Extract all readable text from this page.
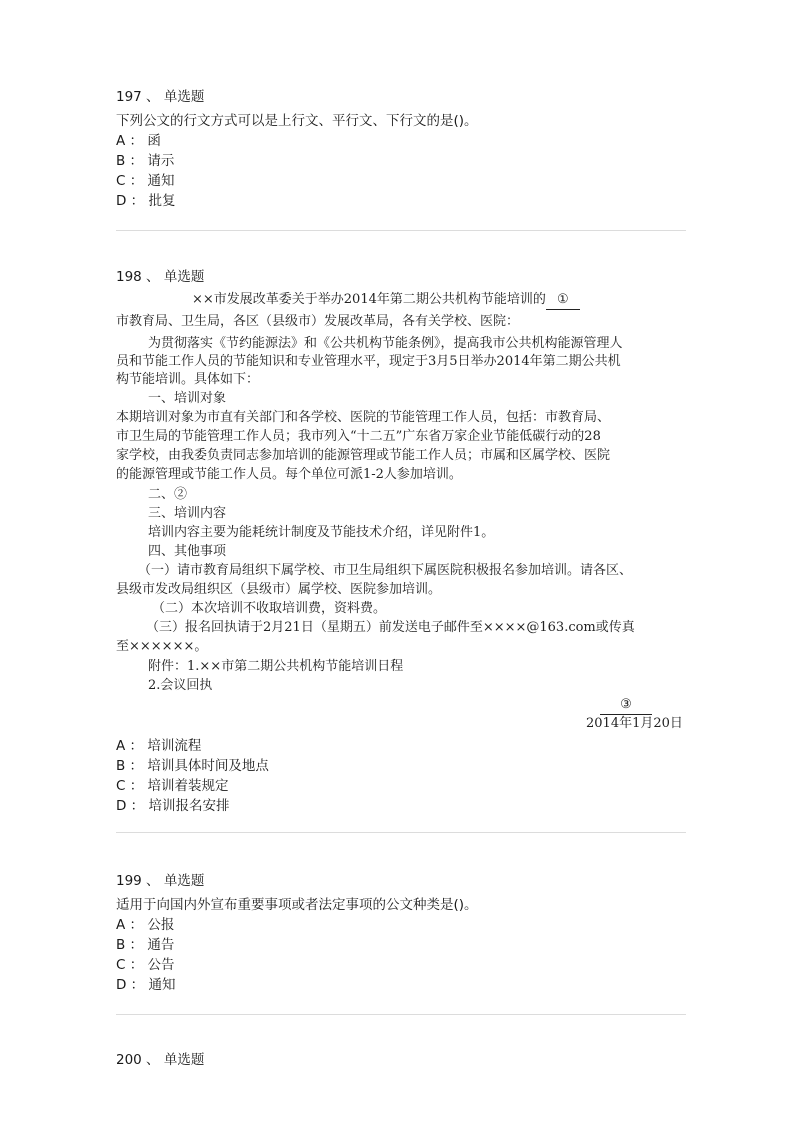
197 、 单选题
下列公文的行文方式可以是上行文、平行文、下行文的是()。
A ： 函
B ： 请示
C ： 通知
D ： 批复
198 、 单选题
××市发展改革委关于举办2014年第二期公共机构节能培训的 ①
市教育局、卫生局，各区（县级市）发展改革局，各有关学校、医院：
为贯彻落实《节约能源法》和《公共机构节能条例》，提高我市公共机构能源管理人
员和节能工作人员的节能知识和专业管理水平，现定于3月5日举办2014年第二期公共机
构节能培训。具体如下：
一、培训对象
本期培训对象为市直有关部门和各学校、医院的节能管理工作人员，包括：市教育局、
市卫生局的节能管理工作人员；我市列入“十二五”广东省万家企业节能低碳行动的28
家学校，由我委负责同志参加培训的能源管理或节能工作人员；市属和区属学校、医院
的能源管理或节能工作人员。每个单位可派1-2人参加培训。
二、②
三、培训内容
培训内容主要为能耗统计制度及节能技术介绍，详见附件1。
四、其他事项
（一）请市教育局组织下属学校、市卫生局组织下属医院积极报名参加培训。请各区、
县级市发改局组织区（县级市）属学校、医院参加培训。
（二）本次培训不收取培训费，资料费。
（三）报名回执请于2月21日（星期五）前发送电子邮件至××××@163.com或传真
至××××××。
附件：1.××市第二期公共机构节能培训日程
2.会议回执
③
2014年1月20日
A ： 培训流程
B ： 培训具体时间及地点
C ： 培训着装规定
D ： 培训报名安排
199 、 单选题
适用于向国内外宣布重要事项或者法定事项的公文种类是()。
A ： 公报
B ： 通告
C ： 公告
D ： 通知
200 、 单选题
